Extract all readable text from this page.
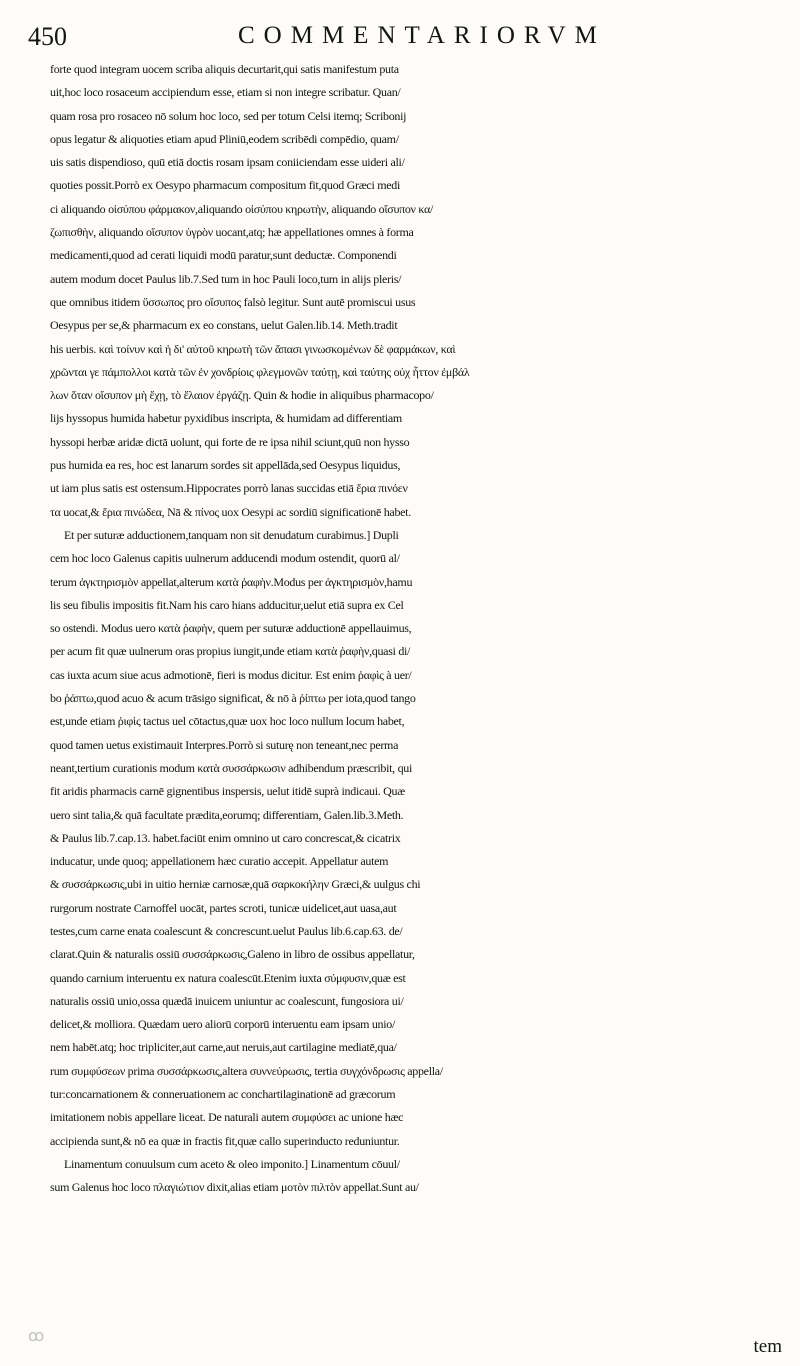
450	COMMENTARIORVM
forte quod integram uocem scriba aliquis decurtarit,qui satis manifestum puta
uit,hoc loco rosaceum accipiendum esse, etiam si non integre scribatur. Quan/
quam rosa pro rosaceo nō solum hoc loco, sed per totum Celsi itemq; Scribonij
opus legatur & aliquoties etiam apud Pliniū,eodem scribēdi compēdio, quam/
uis satis dispendioso, quū etiā doctis rosam ipsam coniiciendam esse uideri ali/
quoties possit.Porrò ex Oesypo pharmacum compositum fit,quod Græci medi
ci aliquando οἰσύπου φάρμακον,aliquando οἰσύπου κηρωτὴν, aliquando οἴσυπον κα/
ζωπισθὴν, aliquando οἴσυπον ὑγρὸν uocant,atq; hæ appellationes omnes à forma
medicamenti,quod ad cerati liquidi modū paratur,sunt deductæ. Componendi
autem modum docet Paulus lib.7.Sed tum in hoc Pauli loco,tum in alijs pleris/
que omnibus itidem ὕσσωπος pro οἴσυπος falsò legitur. Sunt autē promiscui usus
Oesypus per se,& pharmacum ex eo constans, uelut Galen.lib.14. Meth.tradit
his uerbis. καὶ τοίνυν καὶ ἡ δι' αὐτοῦ κηρωτὴ τῶν ἅπασι γινωσκομένων δὲ φαρμάκων, καὶ
χρῶνται γε πάμπολλοι κατὰ τῶν ἐν χονδρίοις φλεγμονῶν ταύτῃ, καὶ ταύτης οὐχ ἧττον ἐμβάλ
λων ὅταν οἴσυπον μὴ ἔχῃ, τὸ ἔλαιον ἐργάζῃ. Quin & hodie in aliquibus pharmacopo/
lijs hyssopus humida habetur pyxidibus inscripta, & humidam ad differentiam
hyssopi herbæ aridæ dictā uolunt, qui forte de re ipsa nihil sciunt,quū non hysso
pus humida ea res, hoc est lanarum sordes sit appellāda,sed Oesypus liquidus,
ut iam plus satis est ostensum.Hippocrates porrò lanas succidas etiā ἔρια πινόεν
τα uocat,& ἔρια πινώδεα, Nā & πίνος uox Oesypi ac sordiū significationē habet.
Et per suturæ adductionem,tanquam non sit denudatum curabimus.] Dupli
cem hoc loco Galenus capitis uulnerum adducendi modum ostendit, quorū al/
terum ἀγκτηρισμὸν appellat,alterum κατὰ ῥαφὴν.Modus per ἀγκτηρισμὸν,hamu
lis seu fibulis impositis fit.Nam his caro hians adducitur,uelut etiā supra ex Cel
so ostendi. Modus uero κατὰ ῥαφὴν, quem per suturæ adductionē appellauimus,
per acum fit quæ uulnerum oras propius iungit,unde etiam κατὰ ῥαφὴν,quasi di/
cas iuxta acum siue acus admotionē, fieri is modus dicitur. Est enim ῥαφὶς à uer/
bo ῥάπτω,quod acuo & acum trāsigo significat, & nō à ῥίπτω per iota,quod tango
est,unde etiam ῥιφὶς tactus uel cōtactus,quæ uox hoc loco nullum locum habet,
quod tamen uetus existimauit Interpres.Porrò si suturę non teneant,nec perma
neant,tertium curationis modum κατὰ συσσάρκωσιν adhibendum præscribit, qui
fit aridis pharmacis carnē gignentibus inspersis, uelut itidē suprà indicaui. Quæ
uero sint talia,& quā facultate prædita,eorumq; differentiam, Galen.lib.3.Meth.
& Paulus lib.7.cap.13. habet.faciūt enim omnino ut caro concrescat,& cicatrix
inducatur, unde quoq; appellationem hæc curatio accepit. Appellatur autem
& συσσάρκωσις,ubi in uitio herniæ carnosæ,quā σαρκοκήλην Græci,& uulgus chi
rurgorum nostrate Carnoffel uocāt, partes scroti, tunicæ uidelicet,aut uasa,aut
testes,cum carne enata coalescunt & concrescunt.uelut Paulus lib.6.cap.63. de/
clarat.Quin & naturalis ossiū συσσάρκωσις,Galeno in libro de ossibus appellatur,
quando carnium interuentu ex natura coalescūt.Etenim iuxta σύμφυσιν,quæ est
naturalis ossiū unio,ossa quædā inuicem uniuntur ac coalescunt, fungosiora ui/
delicet,& molliora. Quædam uero aliorū corporū interuentu eam ipsam unio/
nem habēt.atq; hoc tripliciter,aut carne,aut neruis,aut cartilagine mediatē,qua/
rum συμφύσεων prima συσσάρκωσις,altera συννεύρωσις, tertia συγχόνδρωσις appella/
tur:concarnationem & conneruationem ac conchartilaginationē ad græcorum
imitationem nobis appellare liceat. De naturali autem συμφύσει ac unione hæc
accipienda sunt,& nō ea quæ in fractis fit,quæ callo superinducto reduniuntur.
Linamentum conuulsum cum aceto & oleo imponito.] Linamentum cōuul/
sum Galenus hoc loco πλαγιώτιον dixit,alias etiam μοτὸν πιλτὸν appellat.Sunt au/
tem
ꝏ
